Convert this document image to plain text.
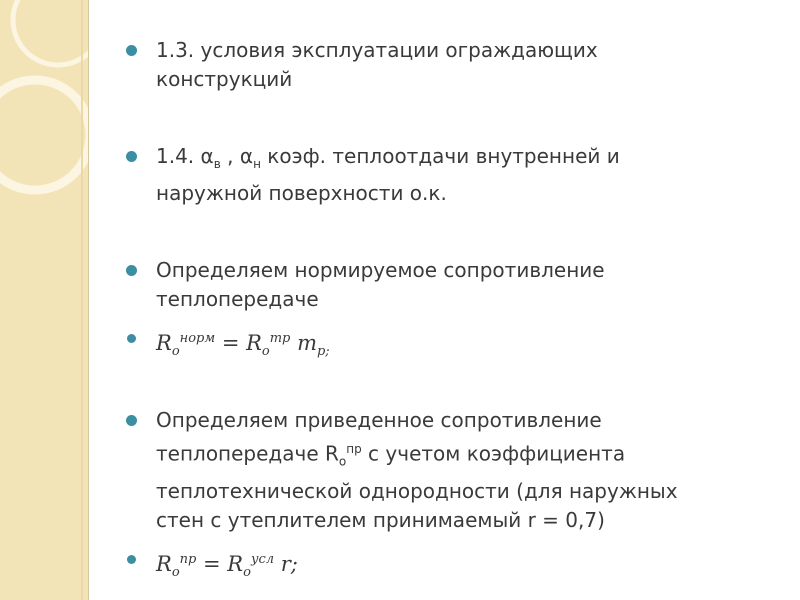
1.3. условия эксплуатации ограждающих
конструкций
1.4. $\alpha_в$ , $\alpha_н$ коэф. теплоотдачи внутренней и
наружной поверхности о.к.
Определяем нормируемое сопротивление
теплопередаче
$R_о^{норм} = R_о^{тр}$ $m_{р;}$
Определяем приведенное сопротивление
теплопередаче $R_о^{пр}$ с учетом коэффициента
теплотехнической однородности (для наружных
стен с утеплителем принимаемый r = 0,7)
$R_о^{пр} = R_о^{усл}$ r;
